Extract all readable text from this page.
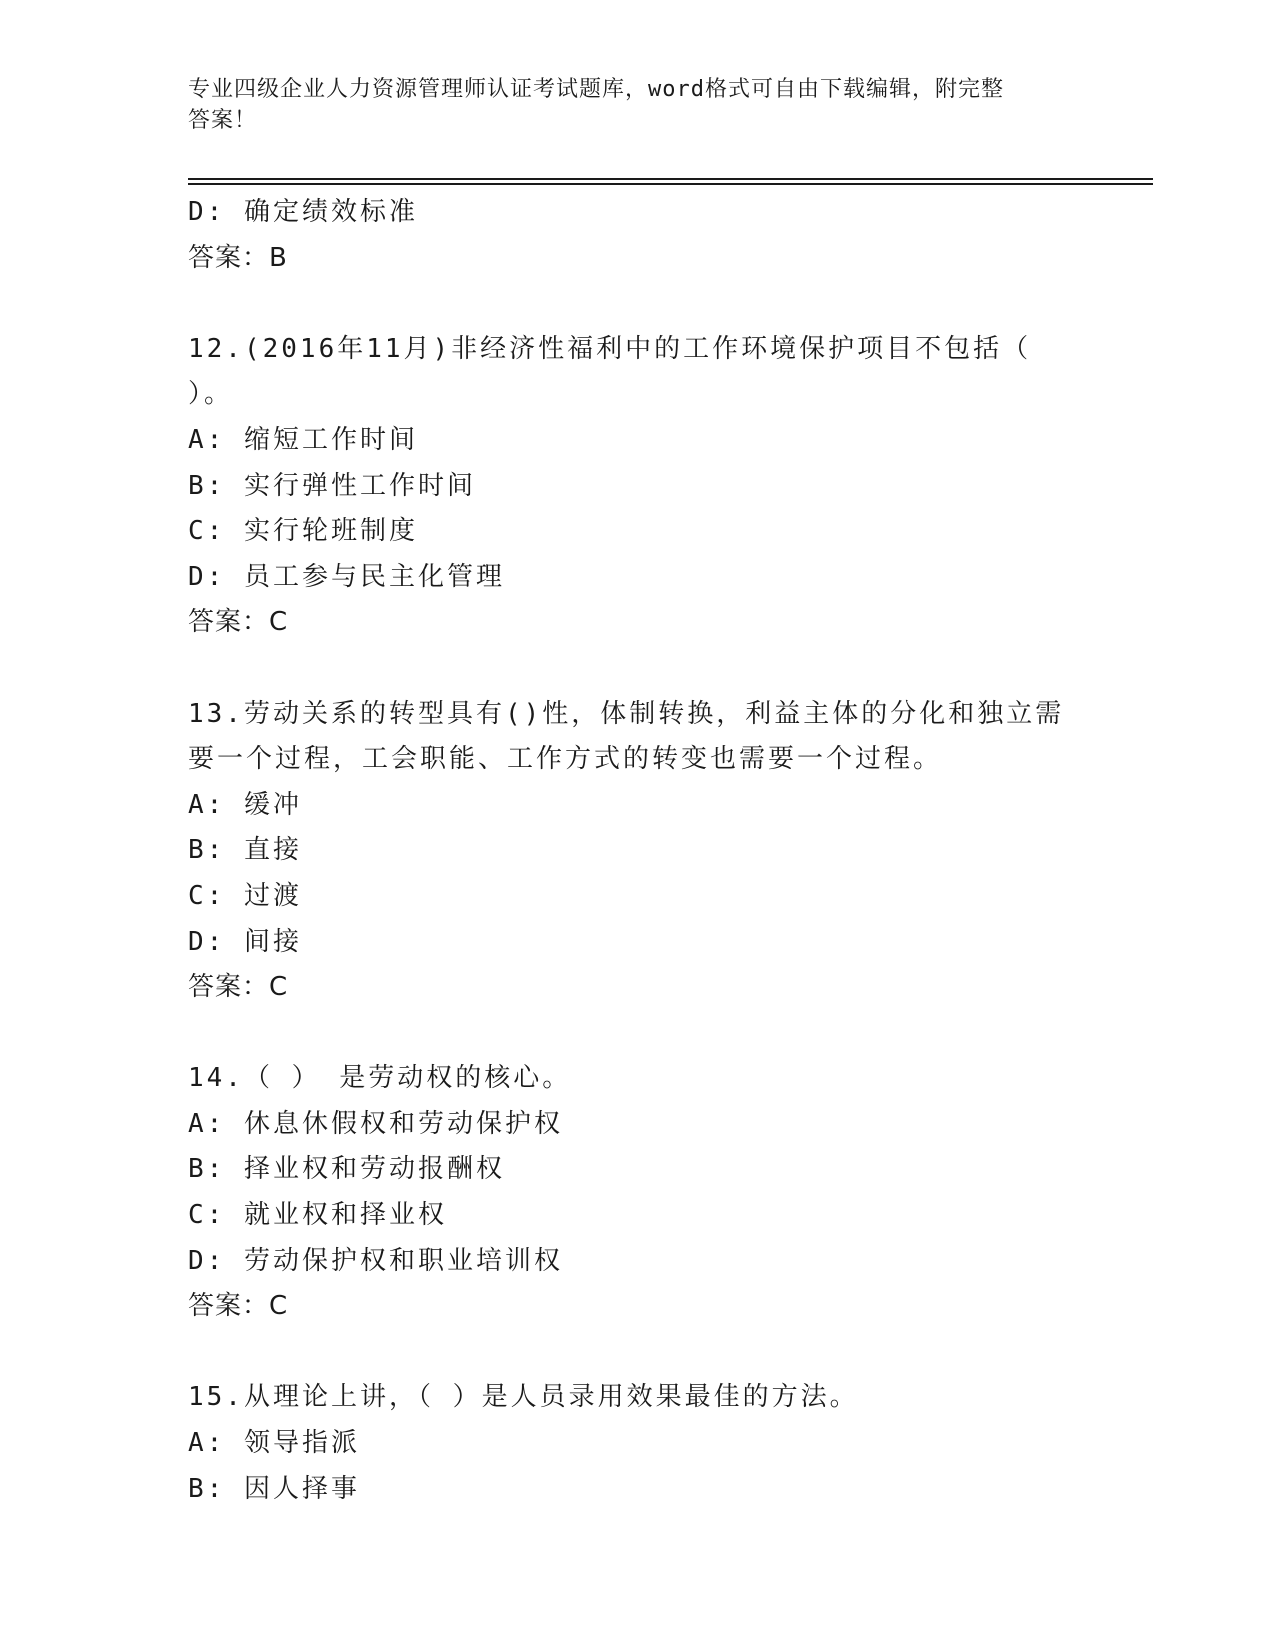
专业四级企业人力资源管理师认证考试题库，word格式可自由下载编辑，附完整
答案！
D: 确定绩效标准
答案：B
12.(2016年11月)非经济性福利中的工作环境保护项目不包括（ ）。
A: 缩短工作时间
B: 实行弹性工作时间
C: 实行轮班制度
D: 员工参与民主化管理
答案：C
13.劳动关系的转型具有()性，体制转换，利益主体的分化和独立需要一个过程，工会职能、工作方式的转变也需要一个过程。
A: 缓冲
B: 直接
C: 过渡
D: 间接
答案：C
14.（ ） 是劳动权的核心。
A: 休息休假权和劳动保护权
B: 择业权和劳动报酬权
C: 就业权和择业权
D: 劳动保护权和职业培训权
答案：C
15.从理论上讲，（ ）是人员录用效果最佳的方法。
A: 领导指派
B: 因人择事
